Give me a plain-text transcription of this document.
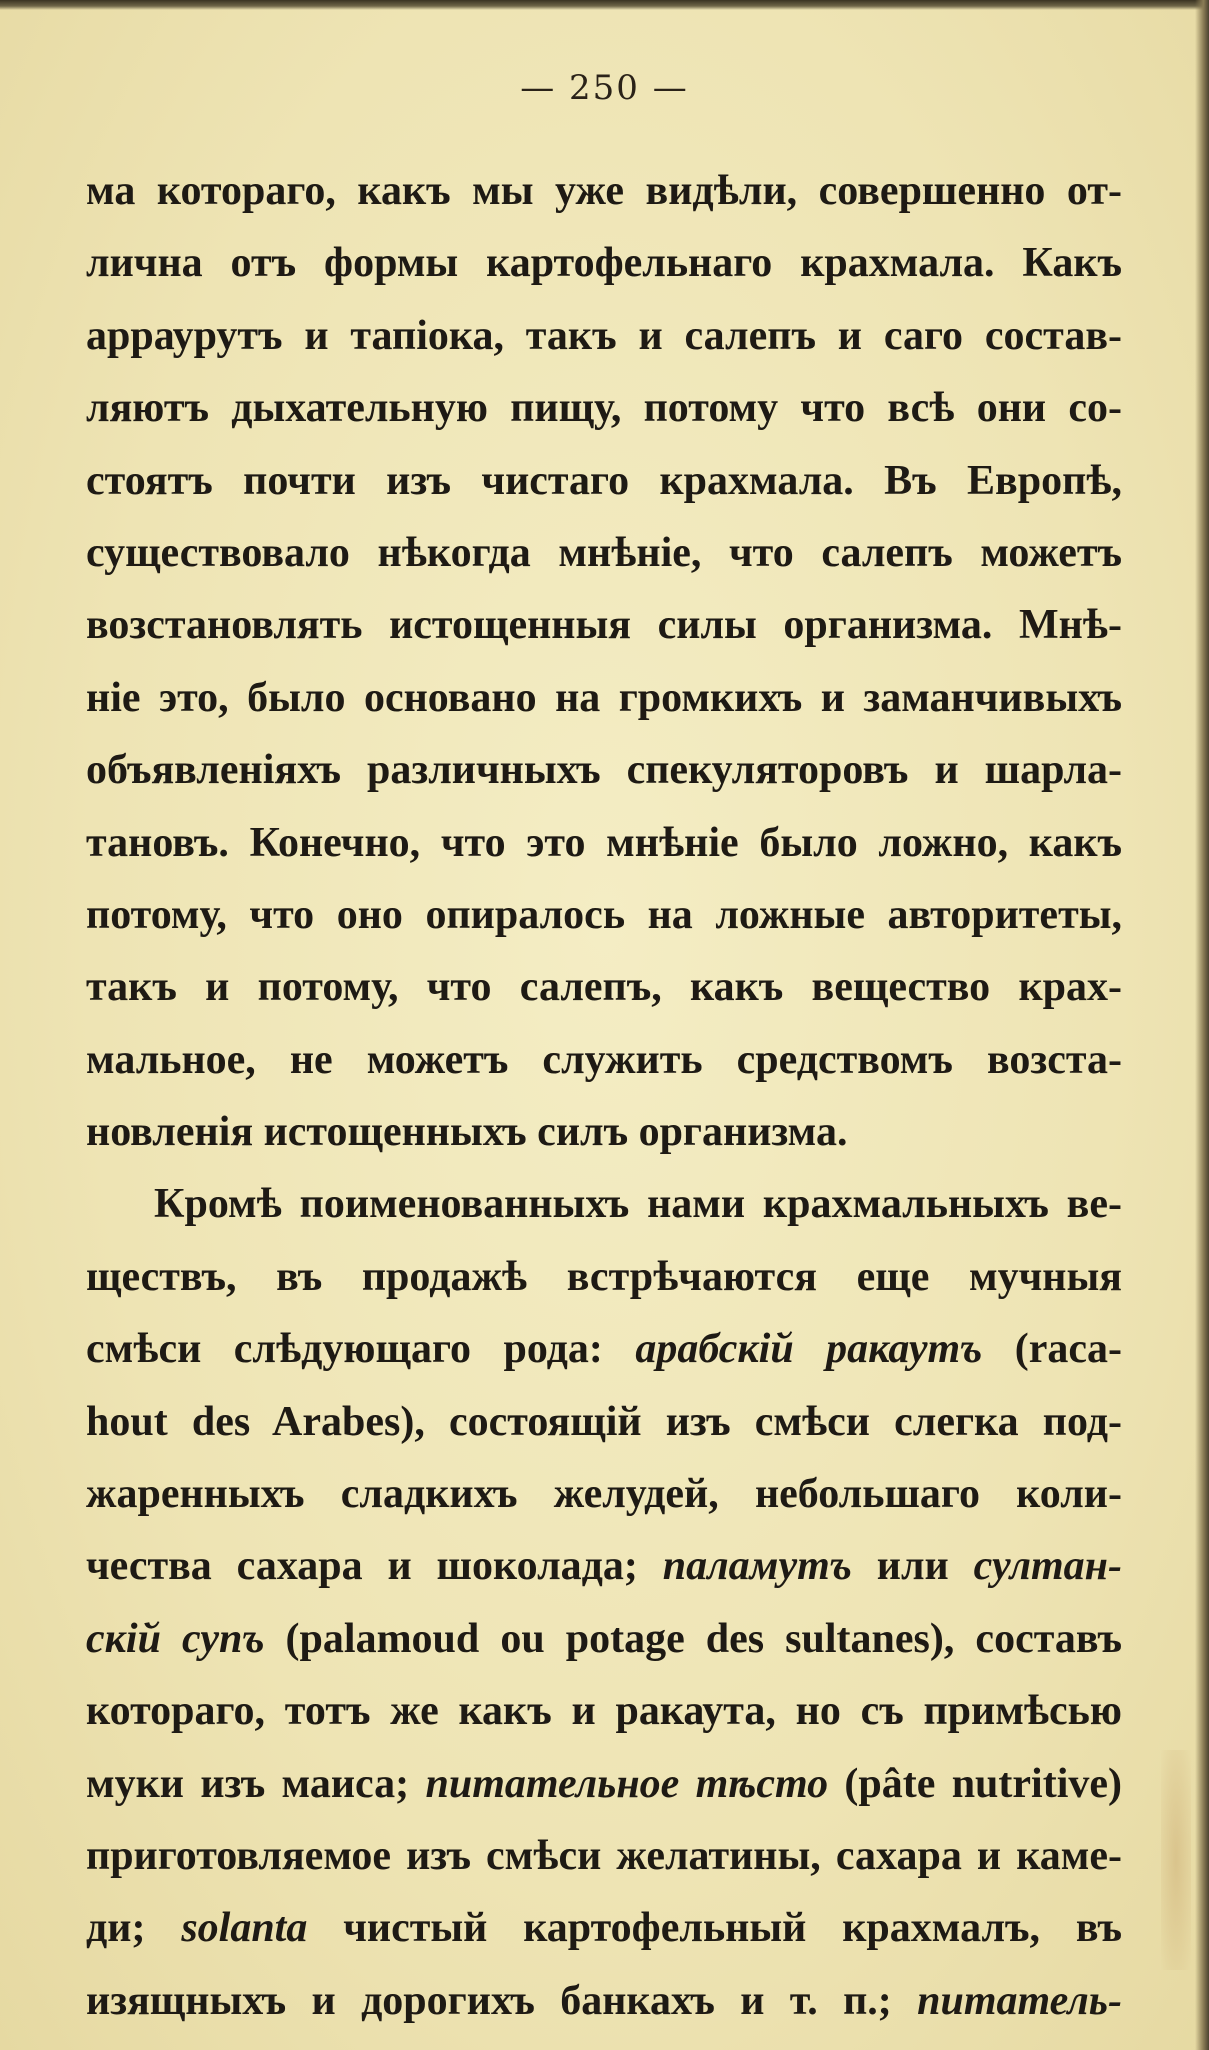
— 250 —
ма котораго, какъ мы уже видѣли, совершенно от-
лична отъ формы картофельнаго крахмала. Какъ
арраурутъ и тапіока, такъ и салепъ и саго состав-
ляютъ дыхательную пищу, потому что всѣ они со-
стоятъ почти изъ чистаго крахмала. Въ Европѣ,
существовало нѣкогда мнѣніе, что салепъ можетъ
возстановлять истощенныя силы организма. Мнѣ-
ніе это, было основано на громкихъ и заманчивыхъ
объявленіяхъ различныхъ спекуляторовъ и шарла-
тановъ. Конечно, что это мнѣніе было ложно, какъ
потому, что оно опиралось на ложные авторитеты,
такъ и потому, что салепъ, какъ вещество крах-
мальное, не можетъ служить средствомъ возста-
новленія истощенныхъ силъ организма.
Кромѣ поименованныхъ нами крахмальныхъ ве-
ществъ, въ продажѣ встрѣчаются еще мучныя
смѣси слѣдующаго рода: арабскій ракаутъ (raca-
hout des Arabes), состоящій изъ смѣси слегка под-
жаренныхъ сладкихъ желудей, небольшаго коли-
чества сахара и шоколада; паламутъ или султан-
скій супъ (palamoud ou potage des sultanes), составъ
котораго, тотъ же какъ и ракаута, но съ примѣсью
муки изъ маиса; питательное тѣсто (pâte nutritive)
приготовляемое изъ смѣси желатины, сахара и каме-
ди; solanta чистый картофельный крахмалъ, въ
изящныхъ и дорогихъ банкахъ и т. п.; питатель-
